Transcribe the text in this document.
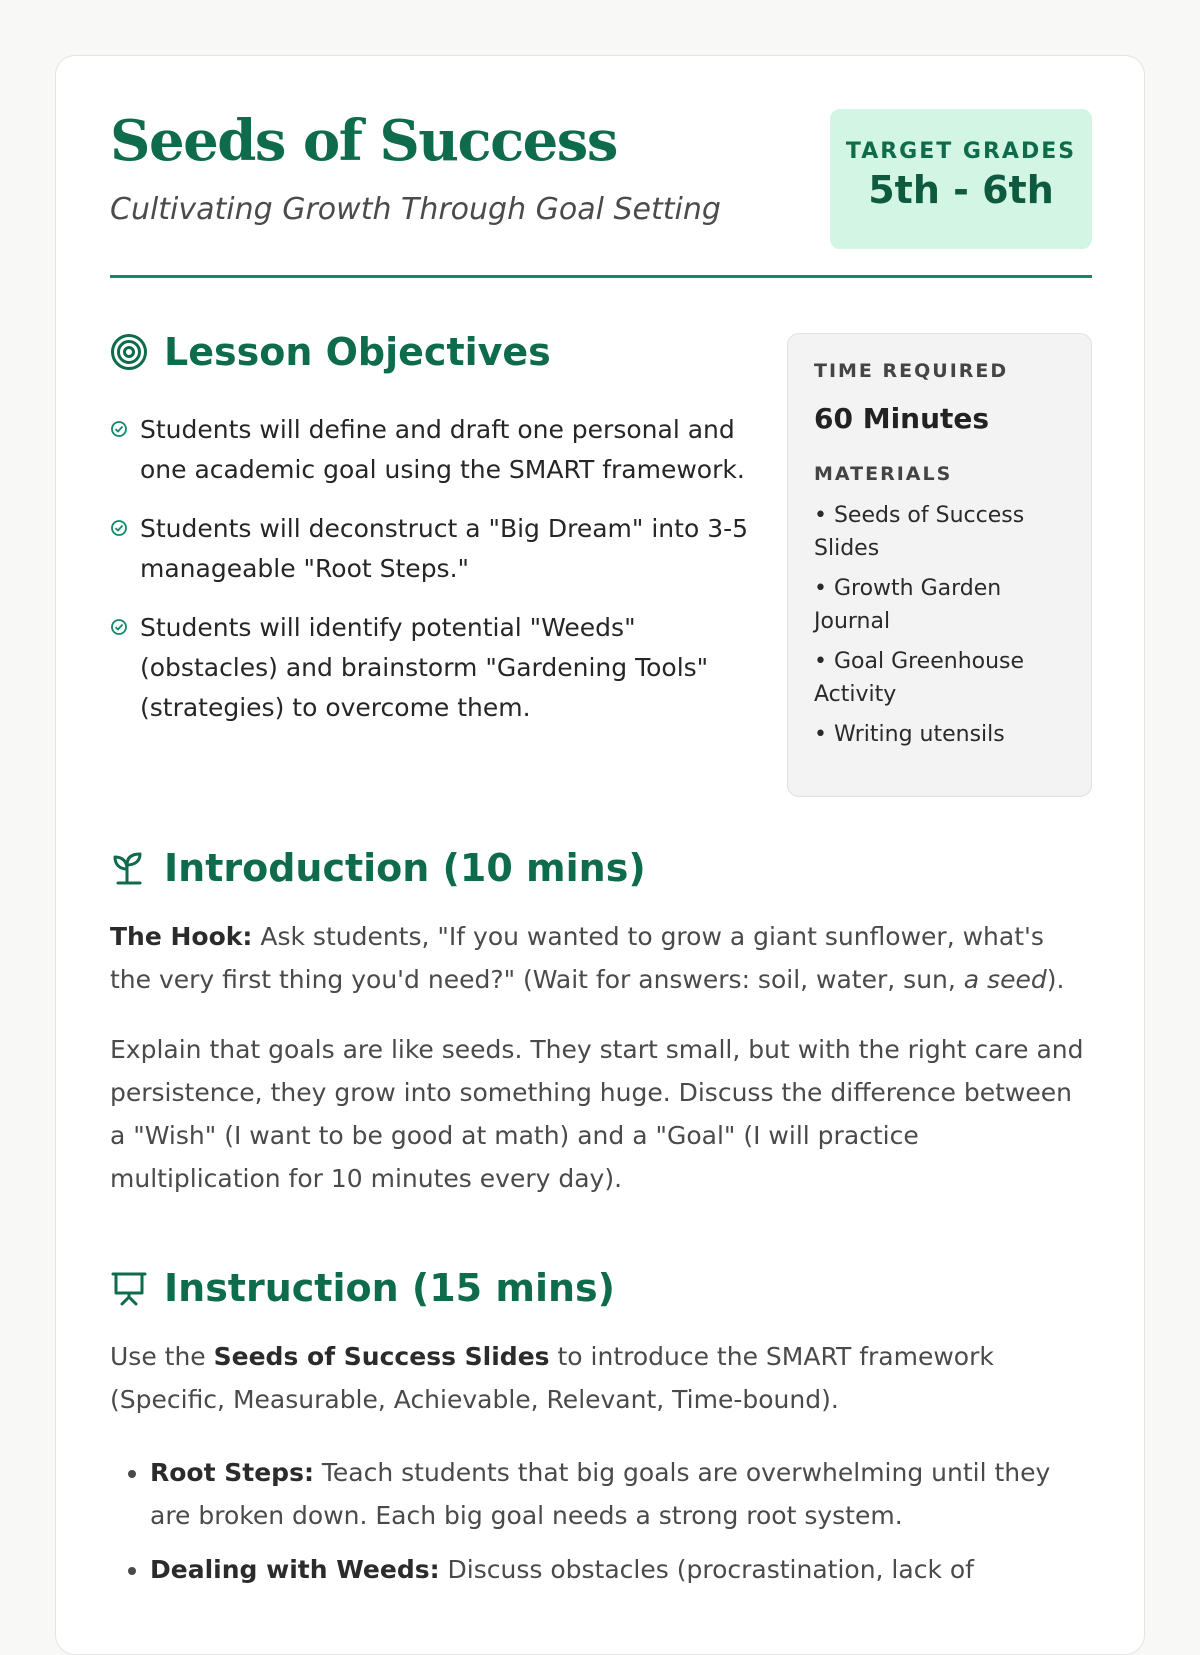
Seeds of Success
Cultivating Growth Through Goal Setting
TARGET GRADES
5th - 6th
Lesson Objectives
Students will define and draft one personal and one academic goal using the SMART framework.
Students will deconstruct a "Big Dream" into 3-5 manageable "Root Steps."
Students will identify potential "Weeds" (obstacles) and brainstorm "Gardening Tools" (strategies) to overcome them.
TIME REQUIRED
60 Minutes
MATERIALS
• Seeds of Success Slides
• Growth Garden Journal
• Goal Greenhouse Activity
• Writing utensils
Introduction (10 mins)

The Hook: Ask students, "If you wanted to grow a giant sunflower, what's the very first thing you'd need?" (Wait for answers: soil, water, sun, a seed).

Explain that goals are like seeds. They start small, but with the right care and persistence, they grow into something huge. Discuss the difference between a "Wish" (I want to be good at math) and a "Goal" (I will practice multiplication for 10 minutes every day).

Instruction (15 mins)

Use the Seeds of Success Slides to introduce the SMART framework (Specific, Measurable, Achievable, Relevant, Time-bound).

• Root Steps: Teach students that big goals are overwhelming until they are broken down. Each big goal needs a strong root system.
• Dealing with Weeds: Discuss obstacles (procrastination, lack of
